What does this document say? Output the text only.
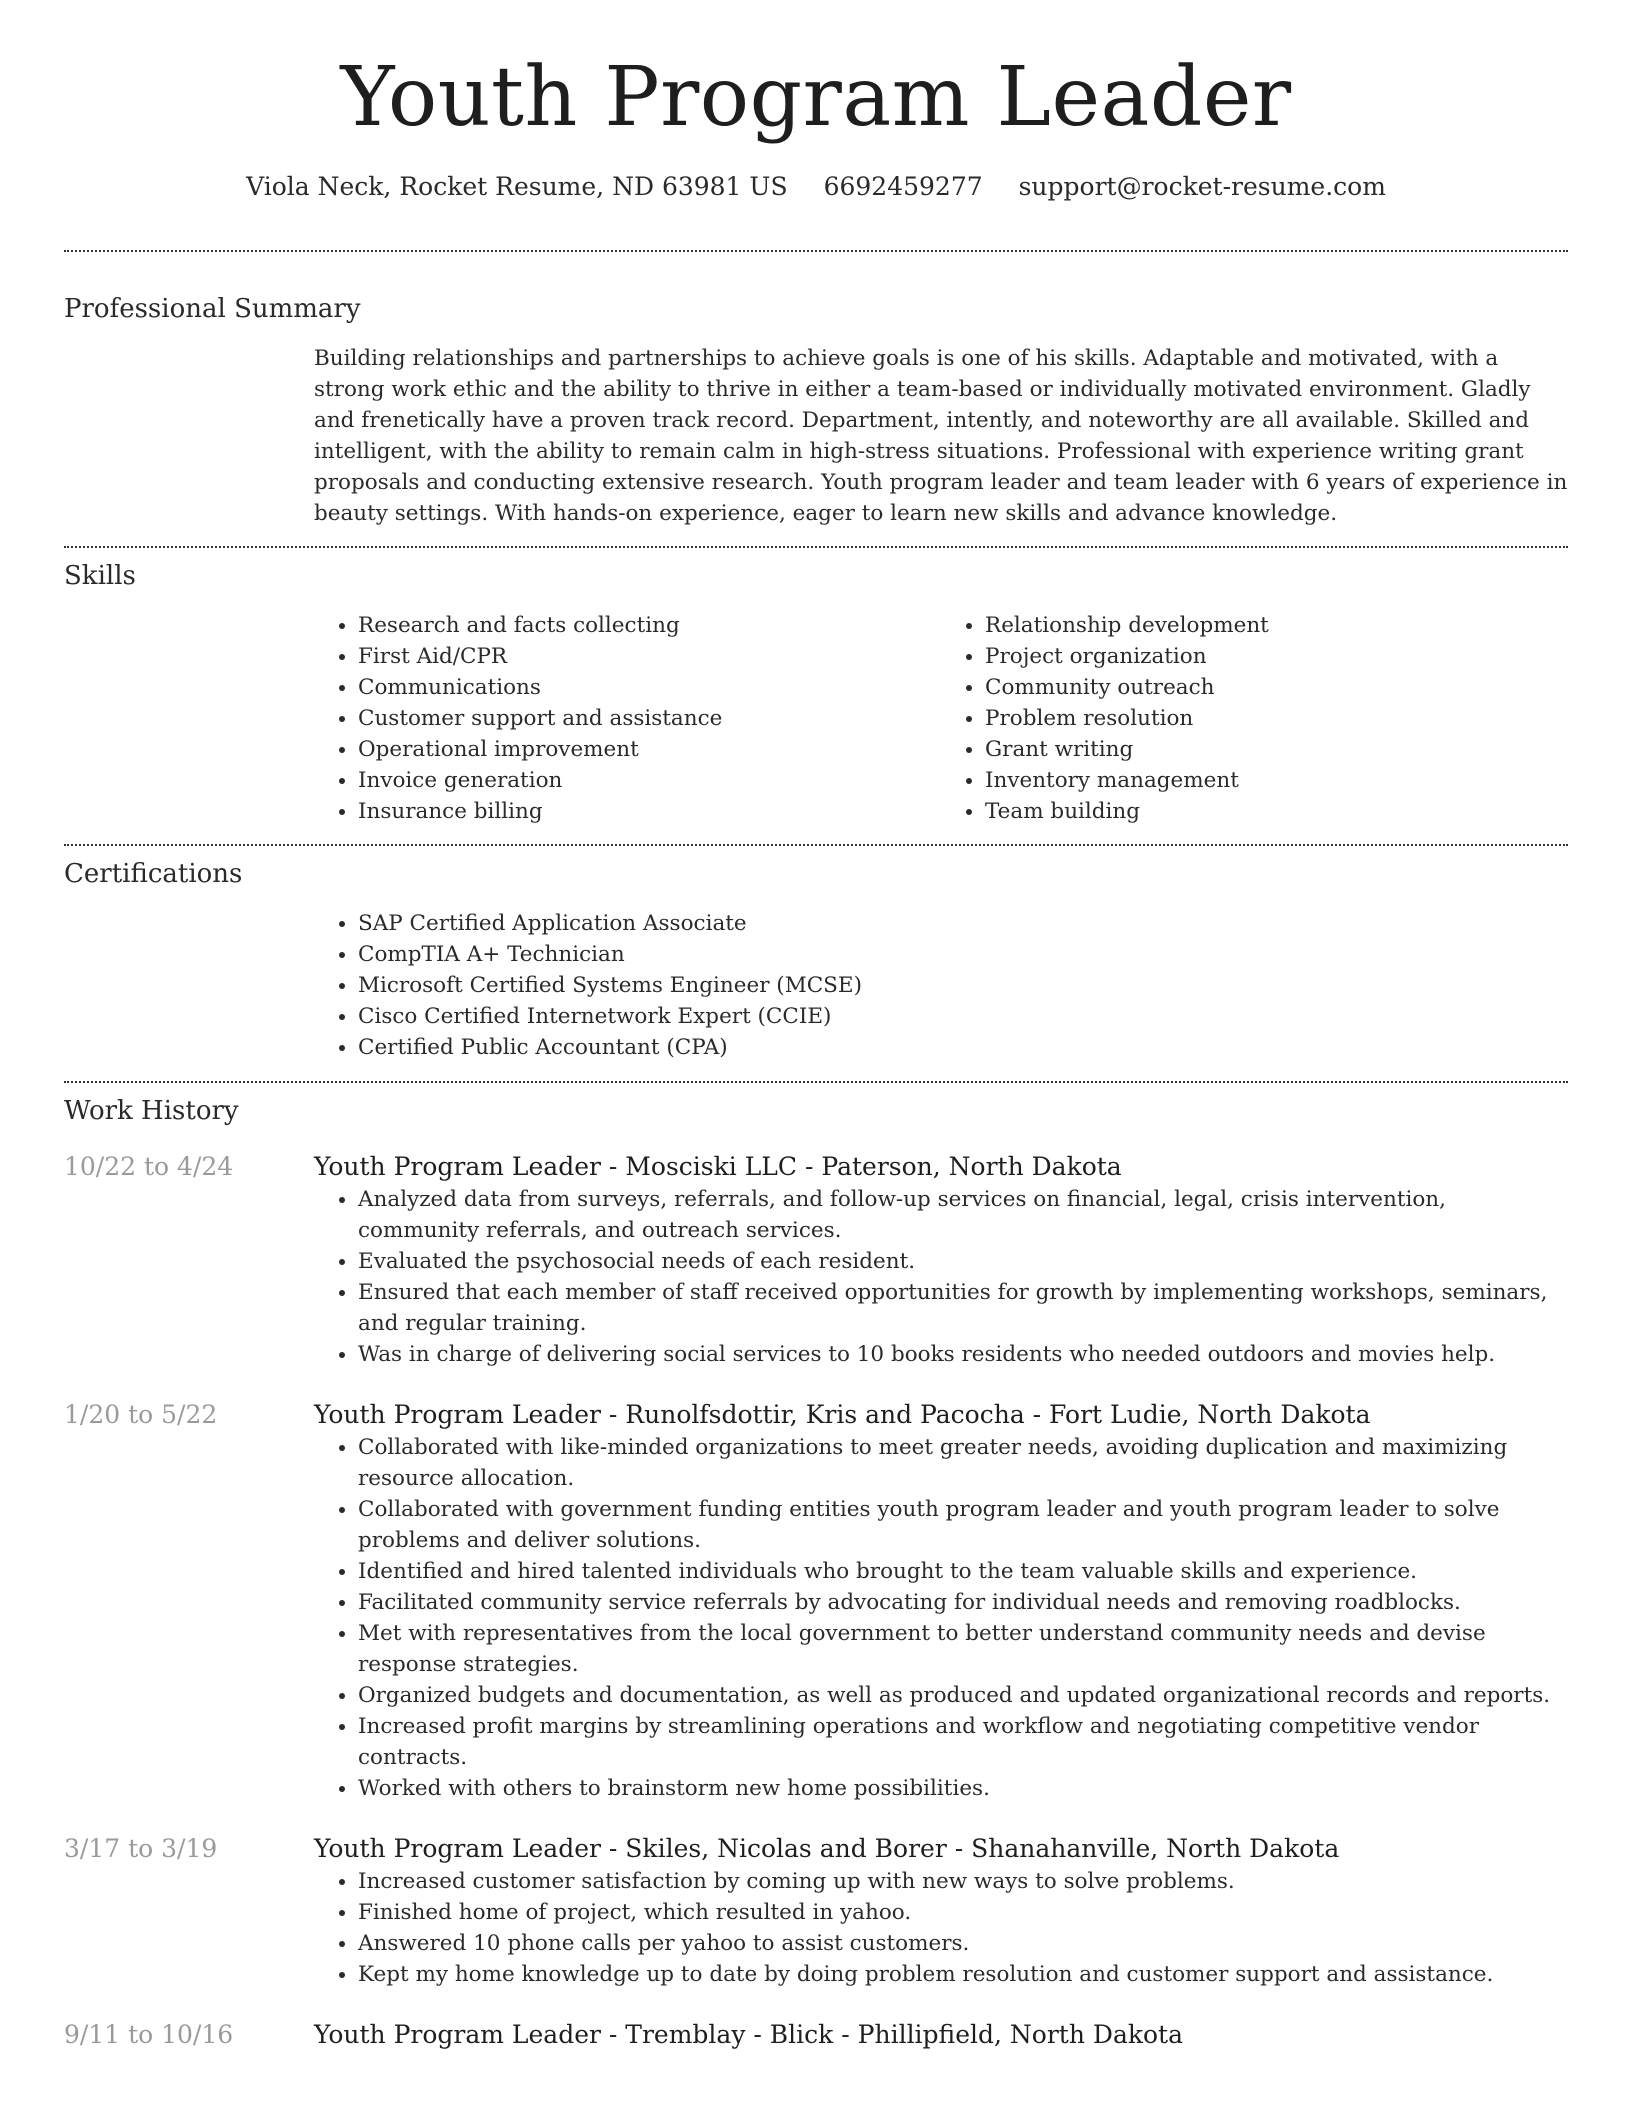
Youth Program Leader
Viola Neck, Rocket Resume, ND 63981 US 6692459277 support@rocket-resume.com
Professional Summary
Building relationships and partnerships to achieve goals is one of his skills. Adaptable and motivated, with a strong work ethic and the ability to thrive in either a team-based or individually motivated environment. Gladly and frenetically have a proven track record. Department, intently, and noteworthy are all available. Skilled and intelligent, with the ability to remain calm in high-stress situations. Professional with experience writing grant proposals and conducting extensive research. Youth program leader and team leader with 6 years of experience in beauty settings. With hands-on experience, eager to learn new skills and advance knowledge.
Skills
• Research and facts collecting
• First Aid/CPR
• Communications
• Customer support and assistance
• Operational improvement
• Invoice generation
• Insurance billing
• Relationship development
• Project organization
• Community outreach
• Problem resolution
• Grant writing
• Inventory management
• Team building
Certifications
• SAP Certified Application Associate
• CompTIA A+ Technician
• Microsoft Certified Systems Engineer (MCSE)
• Cisco Certified Internetwork Expert (CCIE)
• Certified Public Accountant (CPA)
Work History
10/22 to 4/24	Youth Program Leader - Mosciski LLC - Paterson, North Dakota
• Analyzed data from surveys, referrals, and follow-up services on financial, legal, crisis intervention, community referrals, and outreach services.
• Evaluated the psychosocial needs of each resident.
• Ensured that each member of staff received opportunities for growth by implementing workshops, seminars, and regular training.
• Was in charge of delivering social services to 10 books residents who needed outdoors and movies help.
1/20 to 5/22	Youth Program Leader - Runolfsdottir, Kris and Pacocha - Fort Ludie, North Dakota
• Collaborated with like-minded organizations to meet greater needs, avoiding duplication and maximizing resource allocation.
• Collaborated with government funding entities youth program leader and youth program leader to solve problems and deliver solutions.
• Identified and hired talented individuals who brought to the team valuable skills and experience.
• Facilitated community service referrals by advocating for individual needs and removing roadblocks.
• Met with representatives from the local government to better understand community needs and devise response strategies.
• Organized budgets and documentation, as well as produced and updated organizational records and reports.
• Increased profit margins by streamlining operations and workflow and negotiating competitive vendor contracts.
• Worked with others to brainstorm new home possibilities.
3/17 to 3/19	Youth Program Leader - Skiles, Nicolas and Borer - Shanahanville, North Dakota
• Increased customer satisfaction by coming up with new ways to solve problems.
• Finished home of project, which resulted in yahoo.
• Answered 10 phone calls per yahoo to assist customers.
• Kept my home knowledge up to date by doing problem resolution and customer support and assistance.
9/11 to 10/16	Youth Program Leader - Tremblay - Blick - Phillipfield, North Dakota
